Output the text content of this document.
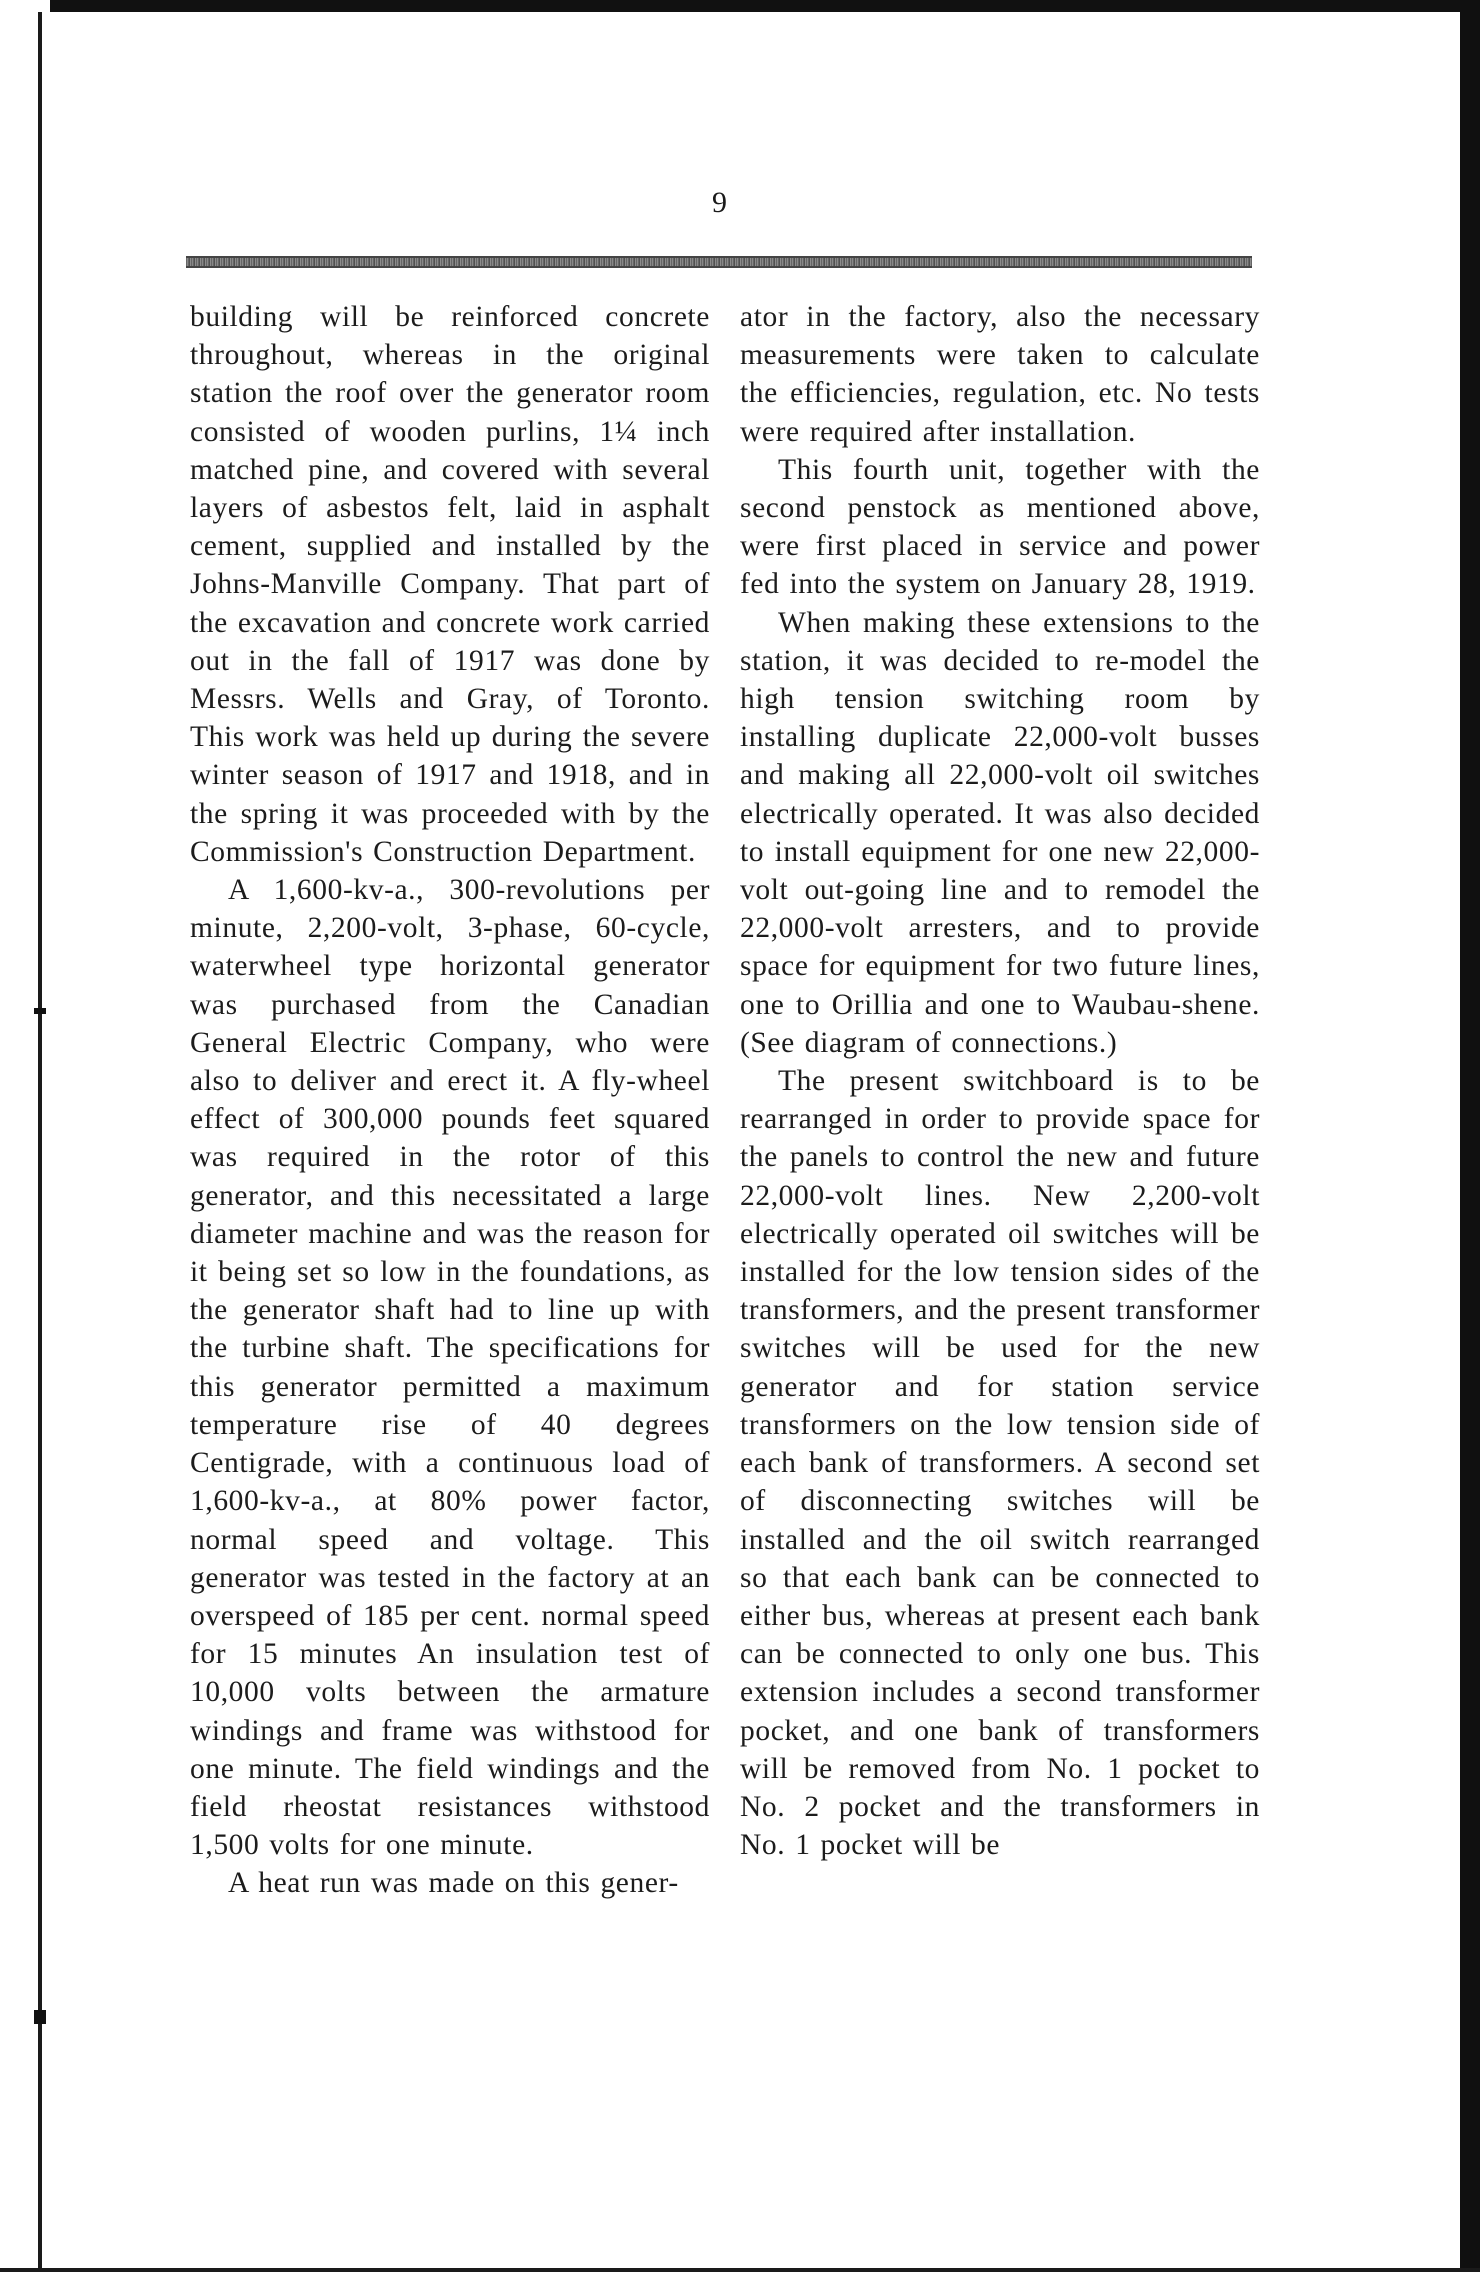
9

building will be reinforced concrete throughout, whereas in the original station the roof over the generator room consisted of wooden purlins, 1¼ inch matched pine, and covered with several layers of asbestos felt, laid in asphalt cement, supplied and installed by the Johns-Manville Company. That part of the excavation and concrete work carried out in the fall of 1917 was done by Messrs. Wells and Gray, of Toronto. This work was held up during the severe winter season of 1917 and 1918, and in the spring it was proceeded with by the Commission's Construction Department.

A 1,600-kv-a., 300-revolutions per minute, 2,200-volt, 3-phase, 60-cycle, waterwheel type horizontal generator was purchased from the Canadian General Electric Company, who were also to deliver and erect it. A fly-wheel effect of 300,000 pounds feet squared was required in the rotor of this generator, and this necessitated a large diameter machine and was the reason for it being set so low in the foundations, as the generator shaft had to line up with the turbine shaft. The specifications for this generator permitted a maximum temperature rise of 40 degrees Centigrade, with a continuous load of 1,600-kv-a., at 80% power factor, normal speed and voltage. This generator was tested in the factory at an overspeed of 185 per cent. normal speed for 15 minutes An insulation test of 10,000 volts between the armature windings and frame was withstood for one minute. The field windings and the field rheostat resistances withstood 1,500 volts for one minute.

A heat run was made on this gener-

ator in the factory, also the necessary measurements were taken to calculate the efficiencies, regulation, etc. No tests were required after installation.

This fourth unit, together with the second penstock as mentioned above, were first placed in service and power fed into the system on January 28, 1919.

When making these extensions to the station, it was decided to re-model the high tension switching room by installing duplicate 22,000-volt busses and making all 22,000-volt oil switches electrically operated. It was also decided to install equipment for one new 22,000-volt out-going line and to remodel the 22,000-volt arresters, and to provide space for equipment for two future lines, one to Orillia and one to Waubau-shene. (See diagram of connections.)

The present switchboard is to be rearranged in order to provide space for the panels to control the new and future 22,000-volt lines. New 2,200-volt electrically operated oil switches will be installed for the low tension sides of the transformers, and the present transformer switches will be used for the new generator and for station service transformers on the low tension side of each bank of transformers. A second set of disconnecting switches will be installed and the oil switch rearranged so that each bank can be connected to either bus, whereas at present each bank can be connected to only one bus. This extension includes a second transformer pocket, and one bank of transformers will be removed from No. 1 pocket to No. 2 pocket and the transformers in No. 1 pocket will be
